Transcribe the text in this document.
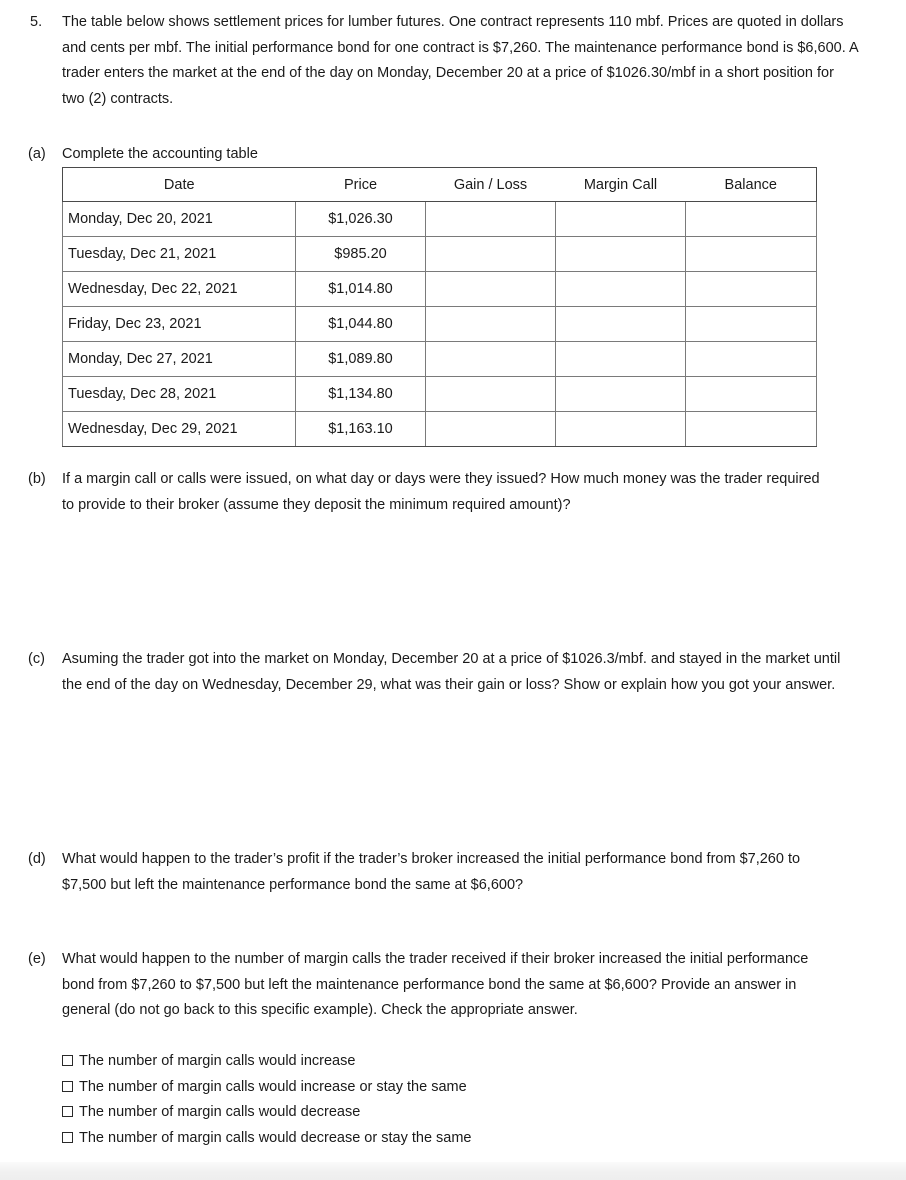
5.	The table below shows settlement prices for lumber futures. One contract represents 110 mbf. Prices are quoted in dollars and cents per mbf. The initial performance bond for one contract is $7,260. The maintenance performance bond is $6,600. A trader enters the market at the end of the day on Monday, December 20 at a price of $1026.30/mbf in a short position for two (2) contracts.
(a)	Complete the accounting table
Date	Price	Gain / Loss	Margin Call	Balance
Monday, Dec 20, 2021	$1,026.30			
Tuesday, Dec 21, 2021	$985.20			
Wednesday, Dec 22, 2021	$1,014.80			
Friday, Dec 23, 2021	$1,044.80			
Monday, Dec 27, 2021	$1,089.80			
Tuesday, Dec 28, 2021	$1,134.80			
Wednesday, Dec 29, 2021	$1,163.10			
(b)	If a margin call or calls were issued, on what day or days were they issued? How much money was the trader required to provide to their broker (assume they deposit the minimum required amount)?
(c)	Asuming the trader got into the market on Monday, December 20 at a price of $1026.3/mbf. and stayed in the market until the end of the day on Wednesday, December 29, what was their gain or loss? Show or explain how you got your answer.
(d)	What would happen to the trader’s profit if the trader’s broker increased the initial performance bond from $7,260 to $7,500 but left the maintenance performance bond the same at $6,600?
(e)	What would happen to the number of margin calls the trader received if their broker increased the initial performance bond from $7,260 to $7,500 but left the maintenance performance bond the same at $6,600? Provide an answer in general (do not go back to this specific example). Check the appropriate answer.
The number of margin calls would increase
The number of margin calls would increase or stay the same
The number of margin calls would decrease
The number of margin calls would decrease or stay the same
